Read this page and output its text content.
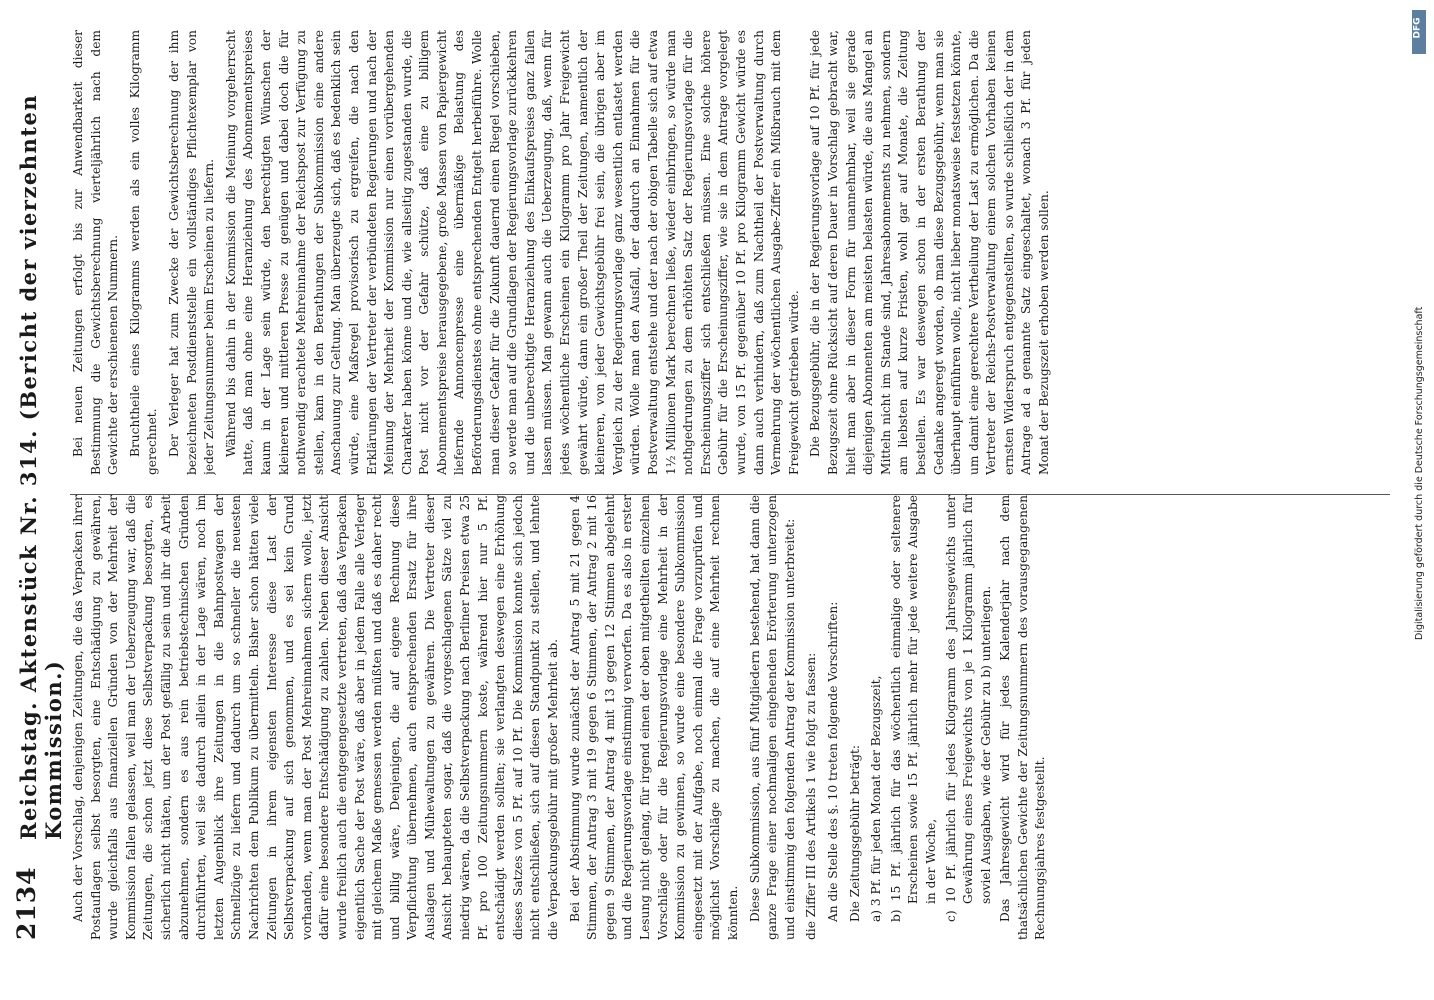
2134
Reichstag. Aktenstück Nr. 314. (Bericht der vierzehnten Kommission.) Auch der Vorschlag, denjenigen Zeitungen, die das Verpacken ihrer Postauflagen selbst besorgten, eine Entschädigung zu gewähren, wurde gleichfalls aus finanziellen Gründen von der Mehrheit der Kommission fallen gelassen, weil man der Ueberzeugung war, daß die Zeitungen, die schon jetzt diese Selbstverpackung besorgten, es sicherlich nicht thäten, um der Post gefällig zu sein und ihr die Arbeit abzunehmen, sondern es aus rein betriebstechnischen Gründen durchführten, weil sie dadurch allein in der Lage wären, noch im letzten Augenblick ihre Zeitungen in die Bahnpostwagen der Schnellzüge zu liefern und dadurch um so schneller die neuesten Nachrichten dem Publikum zu übermitteln. Bisher schon hätten viele Zeitungen in ihrem eigensten Interesse diese Last der Selbstverpackung auf sich genommen, und es sei kein Grund vorhanden, wenn man der Post Mehreinnahmen sichern wolle, jetzt dafür eine besondere Entschädigung zu zahlen. Neben dieser Ansicht wurde freilich auch die entgegengesetzte vertreten, daß das Verpacken eigentlich Sache der Post wäre, daß aber in jedem Falle alle Verleger mit gleichem Maße gemessen werden müßten und daß es daher recht und billig wäre, Denjenigen, die auf eigene Rechnung diese Verpflichtung übernehmen, auch entsprechenden Ersatz für ihre Auslagen und Mühewaltungen zu gewähren. Die Vertreter dieser Ansicht behaupteten sogar, daß die vorgeschlagenen Sätze viel zu niedrig wären, da die Selbstverpackung nach Berliner Preisen etwa 25 Pf. pro 100 Zeitungsnummern koste, während hier nur 5 Pf. entschädigt werden sollten; sie verlangten deswegen eine Erhöhung dieses Satzes von 5 Pf. auf 10 Pf. Die Kommission konnte sich jedoch nicht entschließen, sich auf diesen Standpunkt zu stellen, und lehnte die Verpackungsgebühr mit großer Mehrheit ab. Bei der Abstimmung wurde zunächst der Antrag 5 mit 21 gegen 4 Stimmen, der Antrag 3 mit 19 gegen 6 Stimmen, der Antrag 2 mit 16 gegen 9 Stimmen, der Antrag 4 mit 13 gegen 12 Stimmen abgelehnt und die Regierungsvorlage einstimmig verworfen. Da es also in erster Lesung nicht gelang, für irgend einen der oben mitgetheilten einzelnen Vorschläge oder für die Regierungsvorlage eine Mehrheit in der Kommission zu gewinnen, so wurde eine besondere Subkommission eingesetzt mit der Aufgabe, noch einmal die Frage vorzuprüfen und möglichst Vorschläge zu machen, die auf eine Mehrheit rechnen könnten. Diese Subkommission, aus fünf Mitgliedern bestehend, hat dann die ganze Frage einer nochmaligen eingehenden Erörterung unterzogen und einstimmig den folgenden Antrag der Kommission unterbreitet: die Ziffer III des Artikels 1 wie folgt zu fassen: An die Stelle des §. 10 treten folgende Vorschriften: Die Zeitungsgebühr beträgt: a) 3 Pf. für jeden Monat der Bezugszeit, b) 15 Pf. jährlich für das wöchentlich einmalige oder seltenere Erscheinen sowie 15 Pf. jährlich mehr für jede weitere Ausgabe in der Woche, c) 10 Pf. jährlich für jedes Kilogramm des Jahresgewichts unter Gewährung eines Freigewichts von je 1 Kilogramm jährlich für soviel Ausgaben, wie der Gebühr zu b) unterliegen. Das Jahresgewicht wird für jedes Kalenderjahr nach dem thatsächlichen Gewichte der Zeitungsnummern des vorausgegangenen Rechnungsjahres festgestellt.

Bei neuen Zeitungen erfolgt bis zur Anwendbarkeit dieser Bestimmung die Gewichtsberechnung vierteljährlich nach dem Gewichte der erschienenen Nummern. Bruchtheile eines Kilogramms werden als ein volles Kilogramm gerechnet. Der Verleger hat zum Zwecke der Gewichtsberechnung der ihm bezeichneten Postdienststelle ein vollständiges Pflichtexemplar von jeder Zeitungsnummer beim Erscheinen zu liefern. Während bis dahin in der Kommission die Meinung vorgeherrscht hatte, daß man ohne eine Heranziehung des Abonnementspreises kaum in der Lage sein würde, den berechtigten Wünschen der kleineren und mittleren Presse zu genügen und dabei doch die für nothwendig erachtete Mehreinnahme der Reichspost zur Verfügung zu stellen, kam in den Berathungen der Subkommission eine andere Anschauung zur Geltung. Man überzeugte sich, daß es bedenklich sein würde, eine Maßregel provisorisch zu ergreifen, die nach den Erklärungen der Vertreter der verbündeten Regierungen und nach der Meinung der Mehrheit der Kommission nur einen vorübergehenden Charakter haben könne und die, wie allseitig zugestanden wurde, die Post nicht vor der Gefahr schütze, daß eine zu billigem Abonnementspreise herausgegebene, große Massen von Papiergewicht liefernde Annoncenpresse eine übermäßige Belastung des Beförderungsdienstes ohne entsprechenden Entgelt herbeiführe. Wolle man dieser Gefahr für die Zukunft dauernd einen Riegel vorschieben, so werde man auf die Grundlagen der Regierungsvorlage zurückkehren und die unberechtigte Heranziehung des Einkaufspreises ganz fallen lassen müssen. Man gewann auch die Ueberzeugung, daß, wenn für jedes wöchentliche Erscheinen ein Kilogramm pro Jahr Freigewicht gewährt würde, dann ein großer Theil der Zeitungen, namentlich der kleineren, von jeder Gewichtsgebühr frei sein, die übrigen aber im Vergleich zu der Regierungsvorlage ganz wesentlich entlastet werden würden. Wolle man den Ausfall, der dadurch an Einnahmen für die Postverwaltung entstehe und der nach der obigen Tabelle sich auf etwa 1½ Millionen Mark berechnen ließe, wieder einbringen, so würde man nothgedrungen zu dem erhöhten Satz der Regierungsvorlage für die Erscheinungsziffer sich entschließen müssen. Eine solche höhere Gebühr für die Erscheinungsziffer, wie sie in dem Antrage vorgelegt wurde, von 15 Pf. gegenüber 10 Pf. pro Kilogramm Gewicht würde es dann auch verhindern, daß zum Nachtheil der Postverwaltung durch Vermehrung der wöchentlichen Ausgabe-Ziffer ein Mißbrauch mit dem Freigewicht getrieben würde. Die Bezugsgebühr, die in der Regierungsvorlage auf 10 Pf. für jede Bezugszeit ohne Rücksicht auf deren Dauer in Vorschlag gebracht war, hielt man aber in dieser Form für unannehmbar, weil sie gerade diejenigen Abonnenten am meisten belasten würde, die aus Mangel an Mitteln nicht im Stande sind, Jahresabonnements zu nehmen, sondern am liebsten auf kurze Fristen, wohl gar auf Monate, die Zeitung bestellen. Es war deswegen schon in der ersten Berathung der Gedanke angeregt worden, ob man diese Bezugsgebühr, wenn man sie überhaupt einführen wolle, nicht lieber monatsweise festsetzen könnte, um damit eine gerechtere Vertheilung der Last zu ermöglichen. Da die Vertreter der Reichs-Postverwaltung einem solchen Vorhaben keinen ernsten Widerspruch entgegenstellten, so wurde schließlich der in dem Antrage ad a genannte Satz eingeschaltet, wonach 3 Pf. für jeden Monat der Bezugszeit erhoben werden sollen.

DFG
Digitalisierung gefördert durch die Deutsche Forschungsgemeinschaft
